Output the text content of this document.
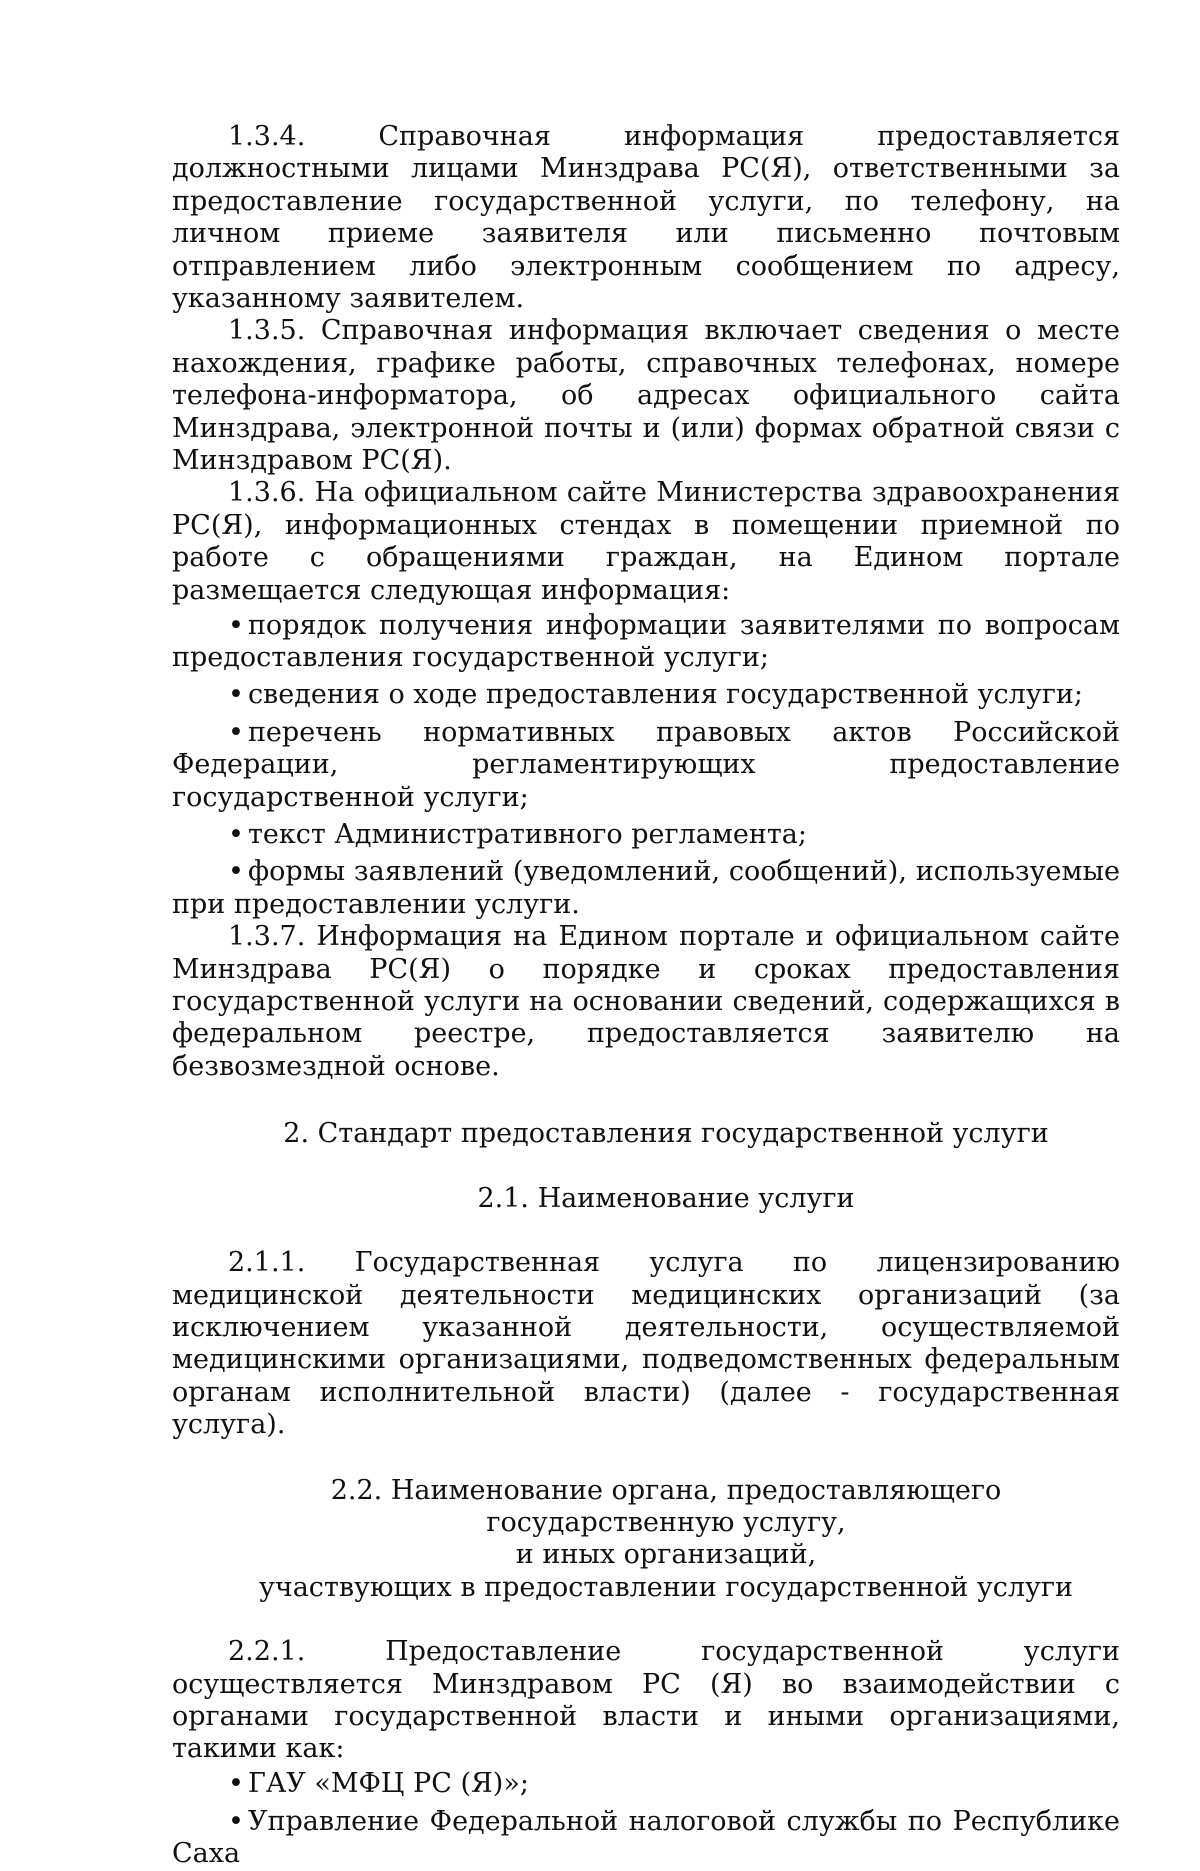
1.3.4. Справочная информация предоставляется должностными лицами Минздрава РС(Я), ответственными за предоставление государственной услуги, по телефону, на личном приеме заявителя или письменно почтовым отправлением либо электронным сообщением по адресу, указанному заявителем.

1.3.5. Справочная информация включает сведения о месте нахождения, графике работы, справочных телефонах, номере телефона-информатора, об адресах официального сайта Минздрава, электронной почты и (или) формах обратной связи с Минздравом РС(Я).

1.3.6. На официальном сайте Министерства здравоохранения РС(Я), информационных стендах в помещении приемной по работе с обращениями граждан, на Едином портале размещается следующая информация:

• порядок получения информации заявителями по вопросам предоставления государственной услуги;

• сведения о ходе предоставления государственной услуги;

• перечень нормативных правовых актов Российской Федерации, регламентирующих предоставление государственной услуги;

• текст Административного регламента;

• формы заявлений (уведомлений, сообщений), используемые при предоставлении услуги.

1.3.7. Информация на Едином портале и официальном сайте Минздрава РС(Я) о порядке и сроках предоставления государственной услуги на основании сведений, содержащихся в федеральном реестре, предоставляется заявителю на безвозмездной основе.

2. Стандарт предоставления государственной услуги

2.1. Наименование услуги

2.1.1. Государственная услуга по лицензированию медицинской деятельности медицинских организаций (за исключением указанной деятельности, осуществляемой медицинскими организациями, подведомственных федеральным органам исполнительной власти) (далее - государственная услуга).

2.2. Наименование органа, предоставляющего государственную услугу,

и иных организаций,

участвующих в предоставлении государственной услуги

2.2.1. Предоставление государственной услуги осуществляется Минздравом РС (Я) во взаимодействии с органами государственной власти и иными организациями, такими как:

• ГАУ «МФЦ РС (Я)»;

• Управление Федеральной налоговой службы по Республике Саха
